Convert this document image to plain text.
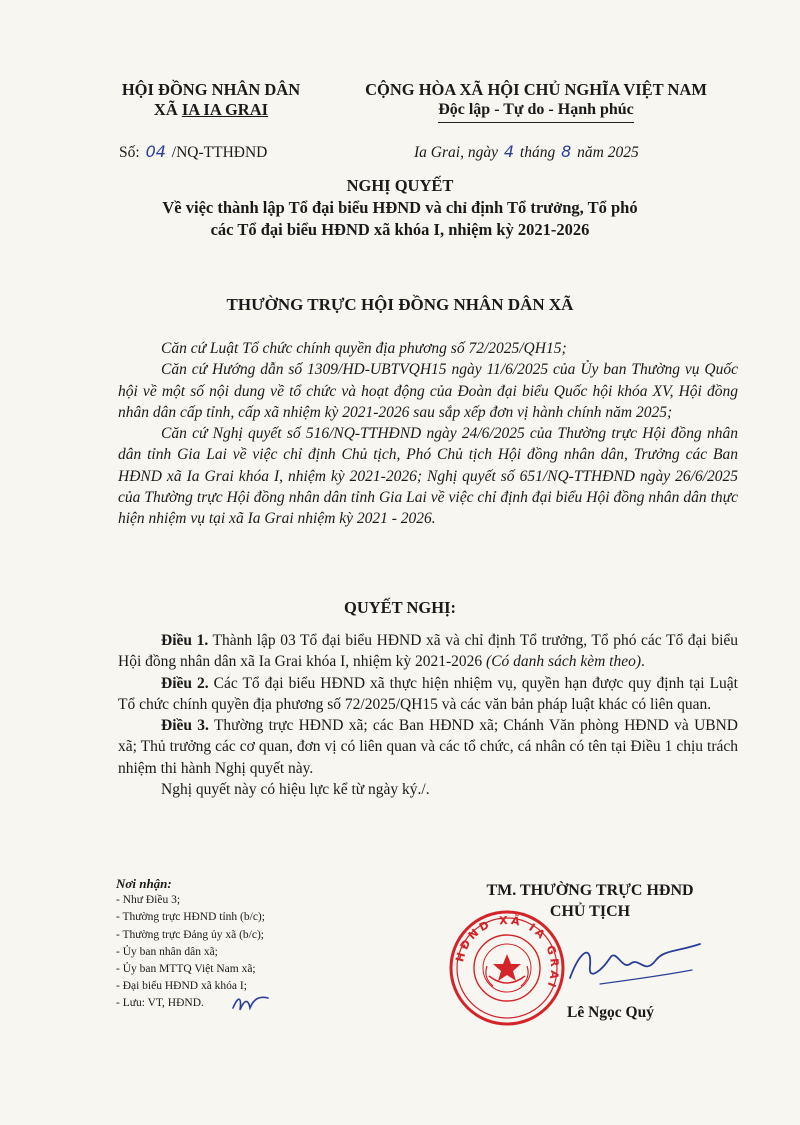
HỘI ĐỒNG NHÂN DÂN
XÃ IA IA GRAI
CỘNG HÒA XÃ HỘI CHỦ NGHĨA VIỆT NAM
Độc lập - Tự do - Hạnh phúc
Số: 04 /NQ-TTHĐND	Ia Grai, ngày 4 tháng 8 năm 2025
NGHỊ QUYẾT
Về việc thành lập Tổ đại biểu HĐND và chỉ định Tổ trưởng, Tổ phó
các Tổ đại biểu HĐND xã khóa I, nhiệm kỳ 2021-2026
THƯỜNG TRỰC HỘI ĐỒNG NHÂN DÂN XÃ

Căn cứ Luật Tổ chức chính quyền địa phương số 72/2025/QH15;

Căn cứ Hướng dẫn số 1309/HD-UBTVQH15 ngày 11/6/2025 của Ủy ban Thường vụ Quốc hội về một số nội dung về tổ chức và hoạt động của Đoàn đại biểu Quốc hội khóa XV, Hội đồng nhân dân cấp tỉnh, cấp xã nhiệm kỳ 2021-2026 sau sắp xếp đơn vị hành chính năm 2025;

Căn cứ Nghị quyết số 516/NQ-TTHĐND ngày 24/6/2025 của Thường trực Hội đồng nhân dân tỉnh Gia Lai về việc chỉ định Chủ tịch, Phó Chủ tịch Hội đồng nhân dân, Trưởng các Ban HĐND xã Ia Grai khóa I, nhiệm kỳ 2021-2026; Nghị quyết số 651/NQ-TTHĐND ngày 26/6/2025 của Thường trực Hội đồng nhân dân tỉnh Gia Lai về việc chỉ định đại biểu Hội đồng nhân dân thực hiện nhiệm vụ tại xã Ia Grai nhiệm kỳ 2021 - 2026.

QUYẾT NGHỊ:

Điều 1. Thành lập 03 Tổ đại biểu HĐND xã và chỉ định Tổ trưởng, Tổ phó các Tổ đại biểu Hội đồng nhân dân xã Ia Grai khóa I, nhiệm kỳ 2021-2026 (Có danh sách kèm theo).

Điều 2. Các Tổ đại biểu HĐND xã thực hiện nhiệm vụ, quyền hạn được quy định tại Luật Tổ chức chính quyền địa phương số 72/2025/QH15 và các văn bản pháp luật khác có liên quan.

Điều 3. Thường trực HĐND xã; các Ban HĐND xã; Chánh Văn phòng HĐND và UBND xã; Thủ trưởng các cơ quan, đơn vị có liên quan và các tổ chức, cá nhân có tên tại Điều 1 chịu trách nhiệm thi hành Nghị quyết này.

Nghị quyết này có hiệu lực kể từ ngày ký./.

Nơi nhận:
- Như Điều 3;
- Thường trực HĐND tỉnh (b/c);
- Thường trực Đảng ủy xã (b/c);
- Ủy ban nhân dân xã;
- Ủy ban MTTQ Việt Nam xã;
- Đại biểu HĐND xã khóa I;
- Lưu: VT, HĐND.
TM. THƯỜNG TRỰC HĐND
CHỦ TỊCH
HĐND XÃ IA GRAI
Lê Ngọc Quý
